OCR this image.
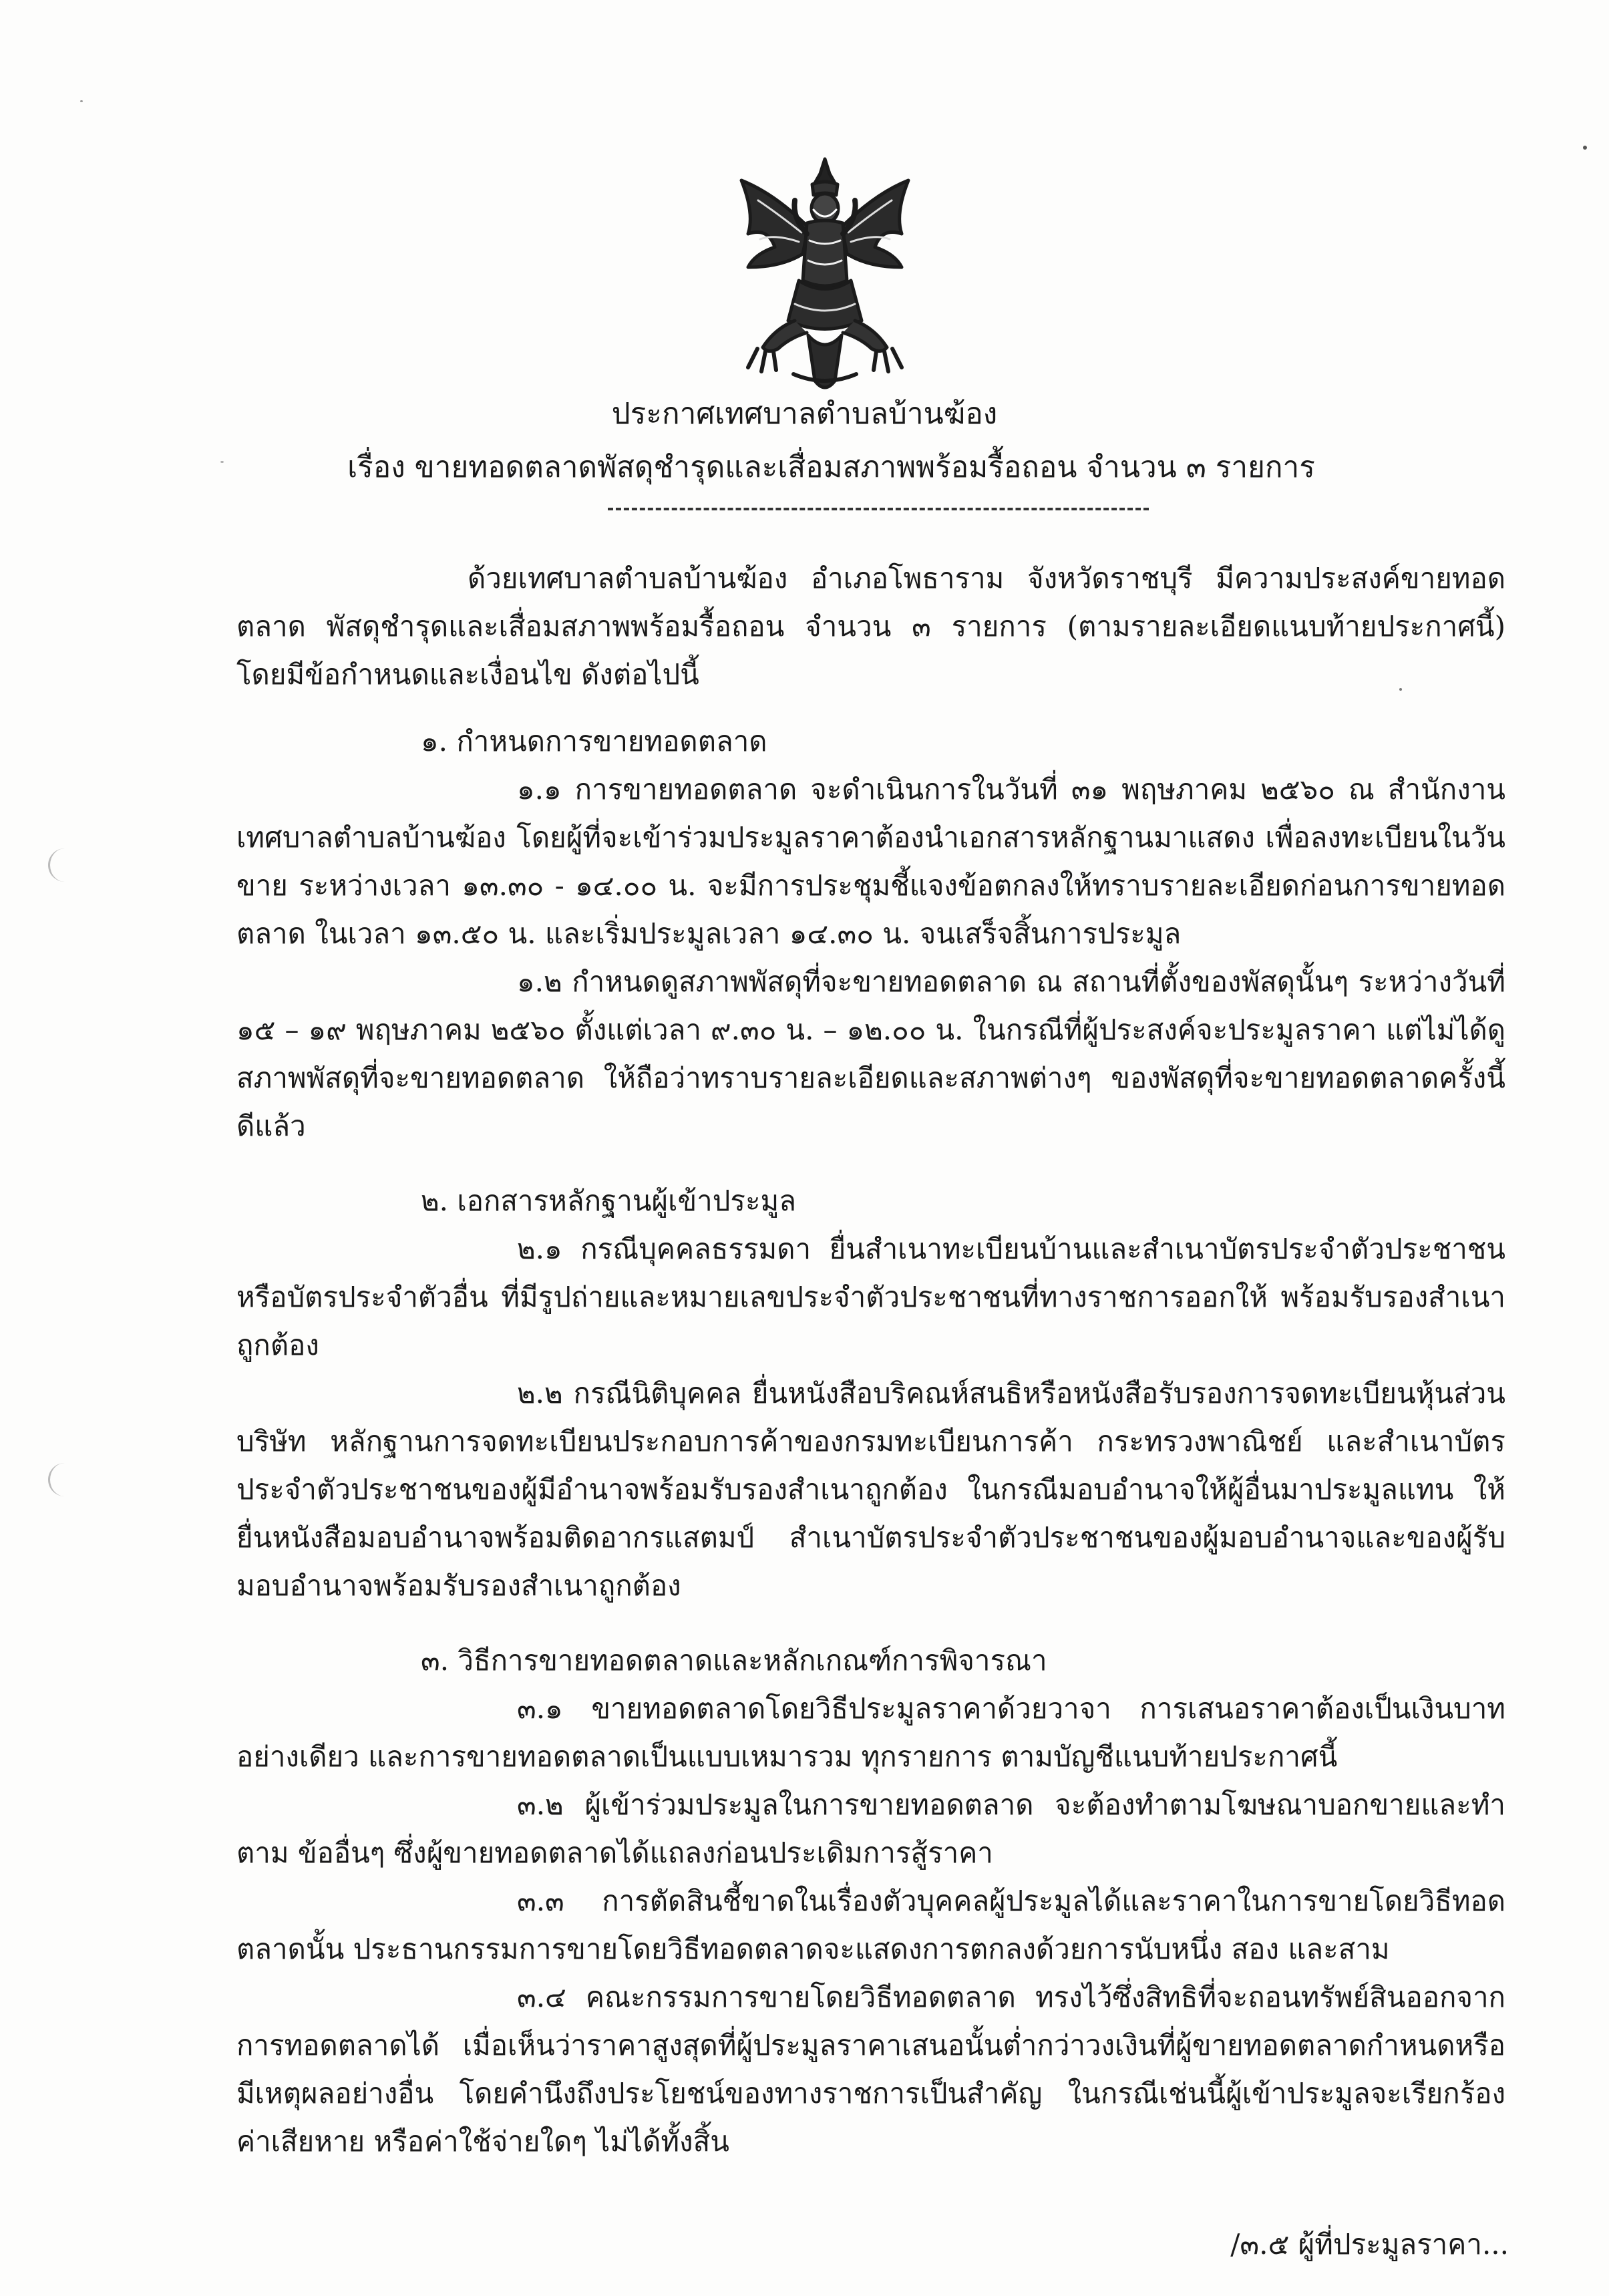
ประกาศเทศบาลตำบลบ้านฆ้อง
เรื่อง ขายทอดตลาดพัสดุชำรุดและเสื่อมสภาพพร้อมรื้อถอน จำนวน ๓ รายการ

ด้วยเทศบาลตำบลบ้านฆ้อง อำเภอโพธาราม จังหวัดราชบุรี มีความประสงค์ขายทอดตลาด พัสดุชำรุดและเสื่อมสภาพพร้อมรื้อถอน จำนวน ๓ รายการ (ตามรายละเอียดแนบท้ายประกาศนี้) โดยมีข้อกำหนดและเงื่อนไข ดังต่อไปนี้

๑. กำหนดการขายทอดตลาด

๑.๑ การขายทอดตลาด จะดำเนินการในวันที่ ๓๑ พฤษภาคม ๒๕๖๐ ณ สำนักงานเทศบาลตำบลบ้านฆ้อง โดยผู้ที่จะเข้าร่วมประมูลราคาต้องนำเอกสารหลักฐานมาแสดง เพื่อลงทะเบียนในวันขาย ระหว่างเวลา ๑๓.๓๐ - ๑๔.๐๐ น. จะมีการประชุมชี้แจงข้อตกลงให้ทราบรายละเอียดก่อนการขายทอดตลาด ในเวลา ๑๓.๕๐ น. และเริ่มประมูลเวลา ๑๔.๓๐ น. จนเสร็จสิ้นการประมูล

๑.๒ กำหนดดูสภาพพัสดุที่จะขายทอดตลาด ณ สถานที่ตั้งของพัสดุนั้นๆ ระหว่างวันที่ ๑๕ – ๑๙ พฤษภาคม ๒๕๖๐ ตั้งแต่เวลา ๙.๓๐ น. – ๑๒.๐๐ น. ในกรณีที่ผู้ประสงค์จะประมูลราคา แต่ไม่ได้ดูสภาพพัสดุที่จะขายทอดตลาด ให้ถือว่าทราบรายละเอียดและสภาพต่างๆ ของพัสดุที่จะขายทอดตลาดครั้งนี้ดีแล้ว

๒. เอกสารหลักฐานผู้เข้าประมูล

๒.๑ กรณีบุคคลธรรมดา ยื่นสำเนาทะเบียนบ้านและสำเนาบัตรประจำตัวประชาชนหรือบัตรประจำตัวอื่น ที่มีรูปถ่ายและหมายเลขประจำตัวประชาชนที่ทางราชการออกให้ พร้อมรับรองสำเนาถูกต้อง

๒.๒ กรณีนิติบุคคล ยื่นหนังสือบริคณห์สนธิหรือหนังสือรับรองการจดทะเบียนหุ้นส่วนบริษัท หลักฐานการจดทะเบียนประกอบการค้าของกรมทะเบียนการค้า กระทรวงพาณิชย์ และสำเนาบัตรประจำตัวประชาชนของผู้มีอำนาจพร้อมรับรองสำเนาถูกต้อง ในกรณีมอบอำนาจให้ผู้อื่นมาประมูลแทน ให้ยื่นหนังสือมอบอำนาจพร้อมติดอากรแสตมป์ สำเนาบัตรประจำตัวประชาชนของผู้มอบอำนาจและของผู้รับมอบอำนาจพร้อมรับรองสำเนาถูกต้อง

๓. วิธีการขายทอดตลาดและหลักเกณฑ์การพิจารณา

๓.๑ ขายทอดตลาดโดยวิธีประมูลราคาด้วยวาจา การเสนอราคาต้องเป็นเงินบาทอย่างเดียว และการขายทอดตลาดเป็นแบบเหมารวม ทุกรายการ ตามบัญชีแนบท้ายประกาศนี้

๓.๒ ผู้เข้าร่วมประมูลในการขายทอดตลาด จะต้องทำตามโฆษณาบอกขายและทำตาม ข้ออื่นๆ ซึ่งผู้ขายทอดตลาดได้แถลงก่อนประเดิมการสู้ราคา

๓.๓ การตัดสินชี้ขาดในเรื่องตัวบุคคลผู้ประมูลได้และราคาในการขายโดยวิธีทอดตลาดนั้น ประธานกรรมการขายโดยวิธีทอดตลาดจะแสดงการตกลงด้วยการนับหนึ่ง สอง และสาม

๓.๔ คณะกรรมการขายโดยวิธีทอดตลาด ทรงไว้ซึ่งสิทธิที่จะถอนทรัพย์สินออกจากการทอดตลาดได้ เมื่อเห็นว่าราคาสูงสุดที่ผู้ประมูลราคาเสนอนั้นต่ำกว่าวงเงินที่ผู้ขายทอดตลาดกำหนดหรือมีเหตุผลอย่างอื่น โดยคำนึงถึงประโยชน์ของทางราชการเป็นสำคัญ ในกรณีเช่นนี้ผู้เข้าประมูลจะเรียกร้องค่าเสียหาย หรือค่าใช้จ่ายใดๆ ไม่ได้ทั้งสิ้น

/๓.๕ ผู้ที่ประมูลราคา...
